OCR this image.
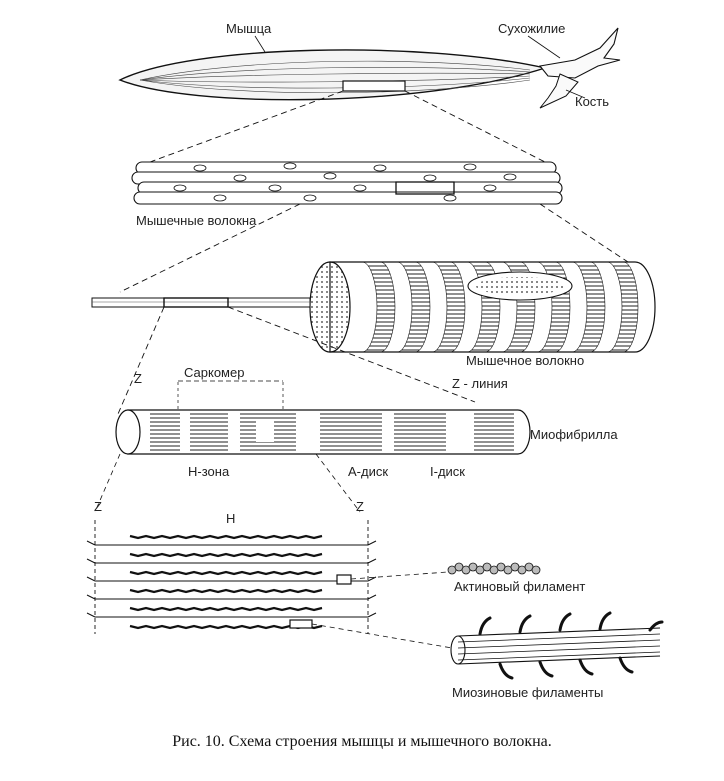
Мышца	Сухожилие
Кость
Мышечные волокна
Мышечное волокно
Саркомер
Z	Z - линия
Миофибрилла
Н-зона	А-диск	I-диск
Z	Z
Н
Актиновый филамент
Миозиновые филаменты
Рис. 10. Схема строения мышцы и мышечного волокна.
